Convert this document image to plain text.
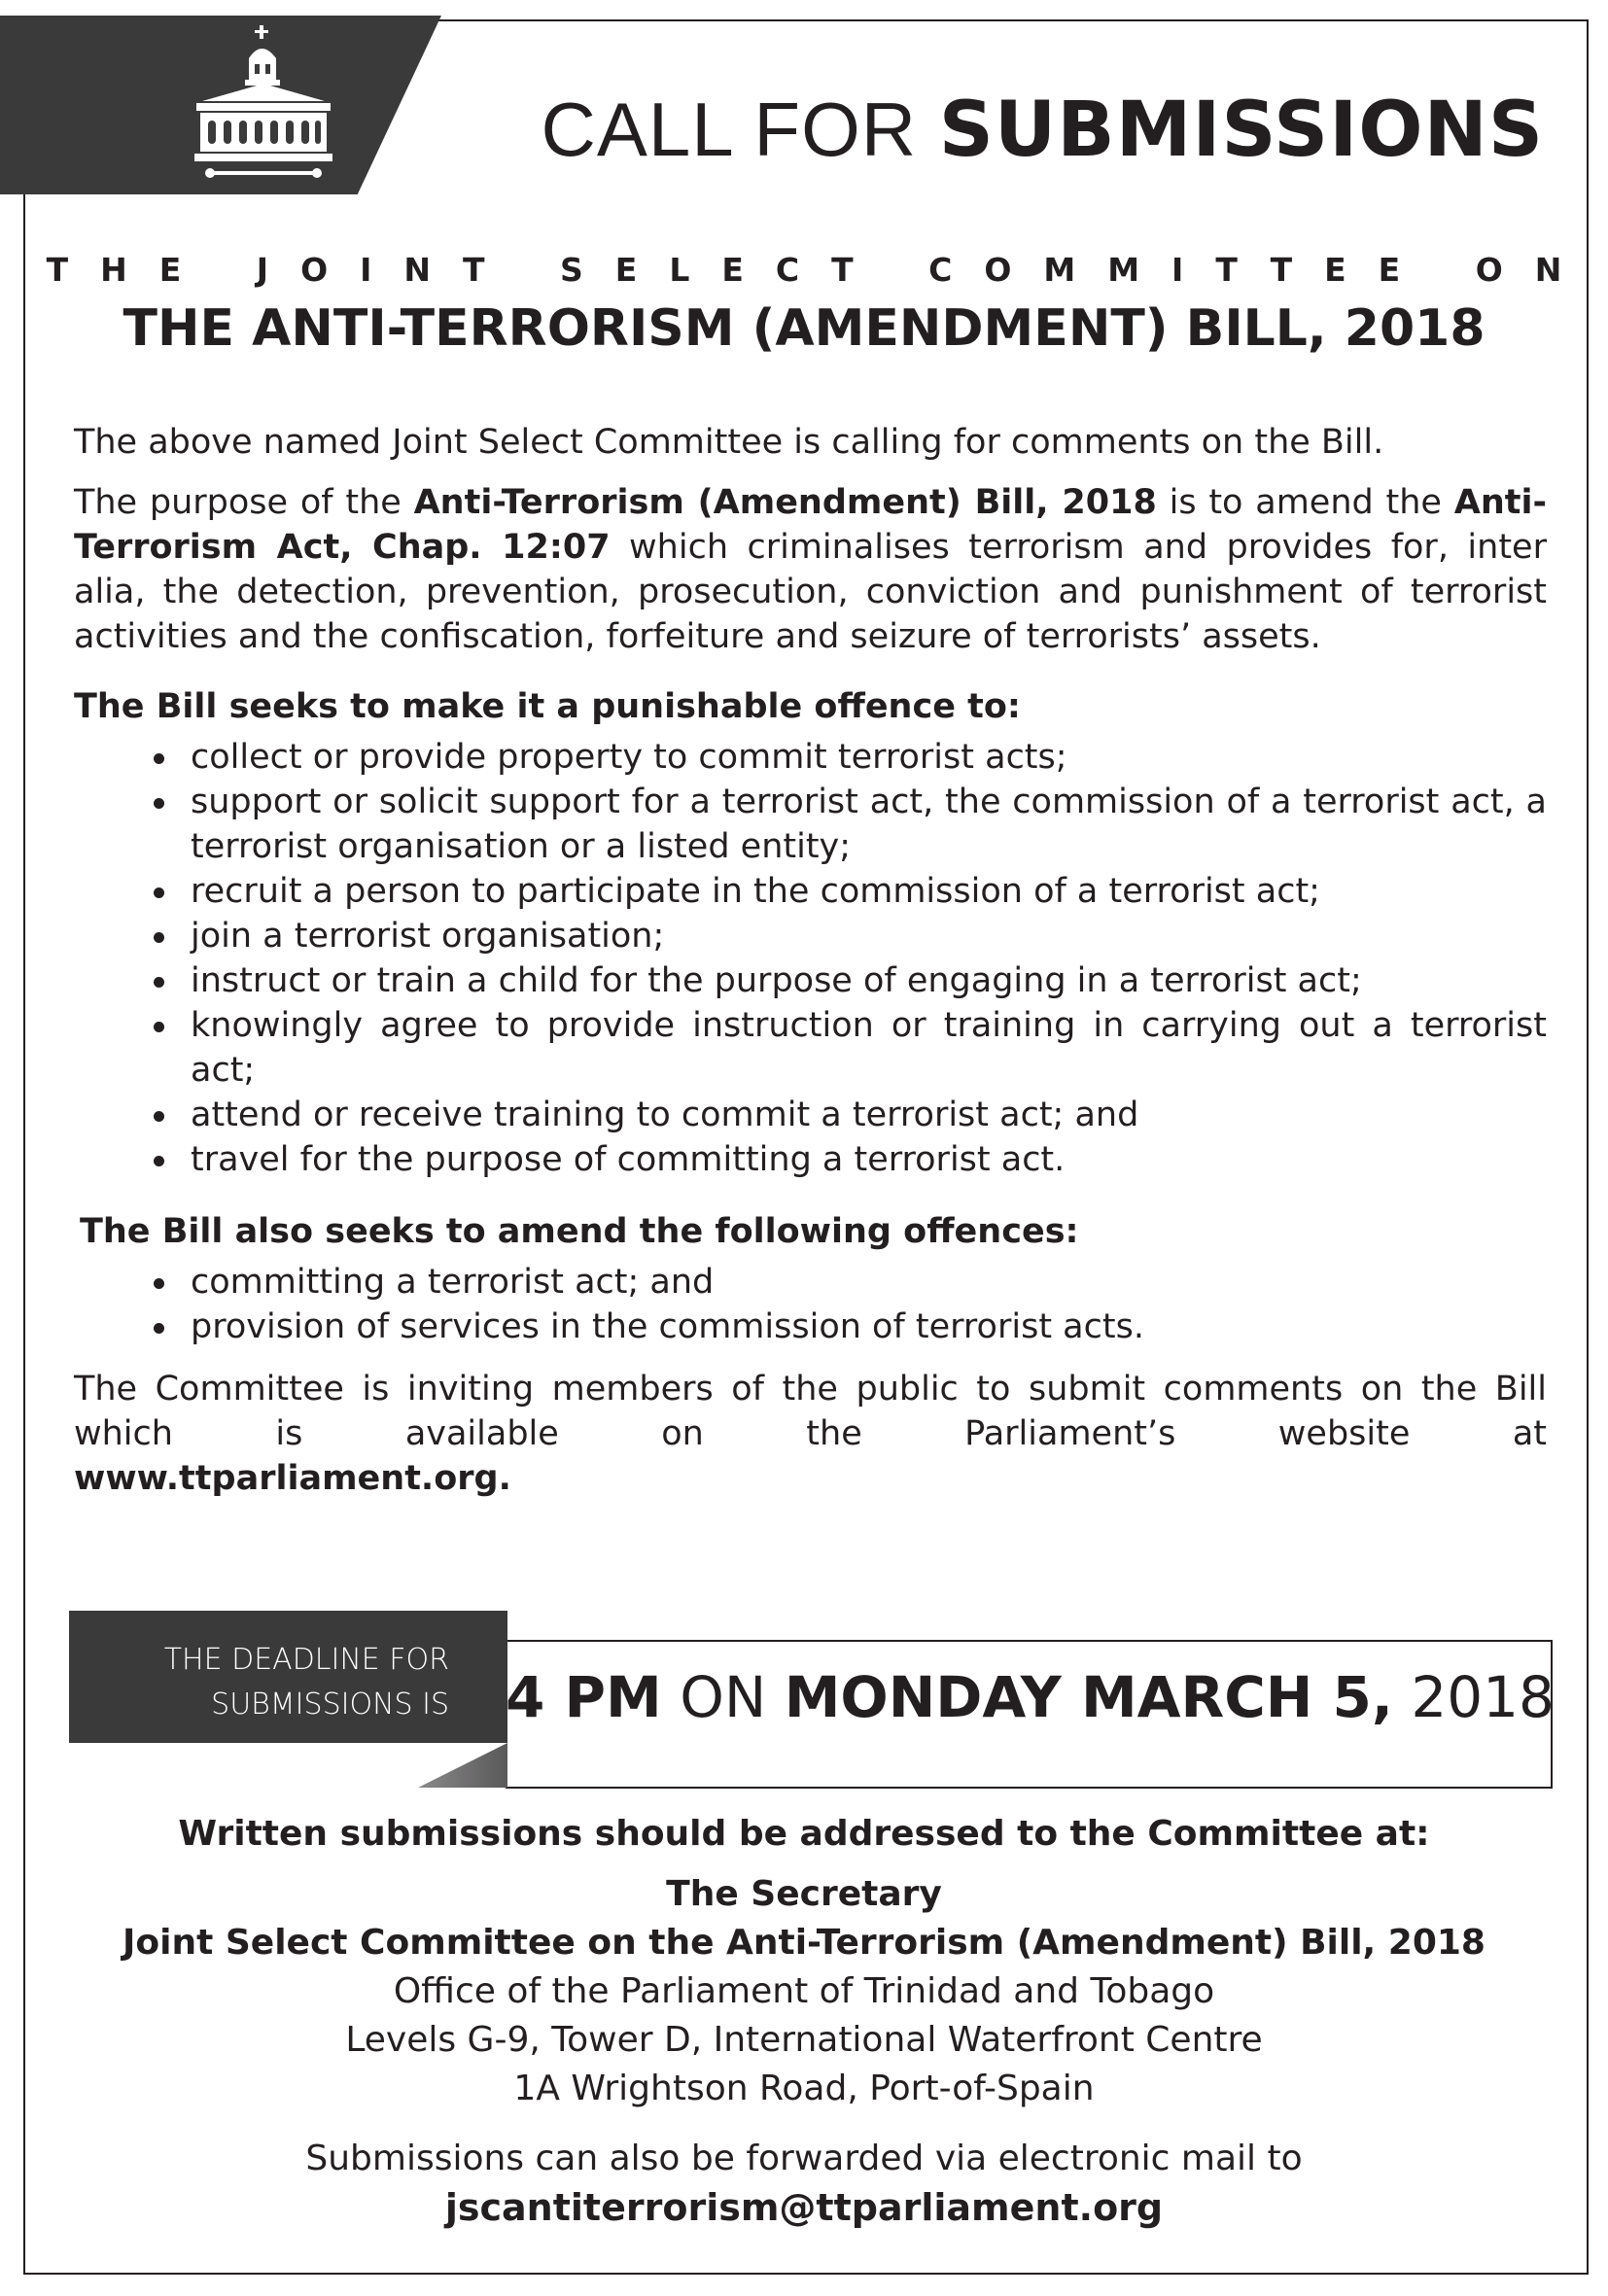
CALL FOR SUBMISSIONS
THE JOINT SELECT COMMITTEE ON
THE ANTI-TERRORISM (AMENDMENT) BILL, 2018

The above named Joint Select Committee is calling for comments on the Bill.

The purpose of the Anti-Terrorism (Amendment) Bill, 2018 is to amend the Anti-Terrorism Act, Chap. 12:07 which criminalises terrorism and provides for, inter alia, the detection, prevention, prosecution, conviction and punishment of terrorist activities and the confiscation, forfeiture and seizure of terrorists’ assets.

The Bill seeks to make it a punishable offence to:
collect or provide property to commit terrorist acts;
support or solicit support for a terrorist act, the commission of a terrorist act, a terrorist organisation or a listed entity;
recruit a person to participate in the commission of a terrorist act;
join a terrorist organisation;
instruct or train a child for the purpose of engaging in a terrorist act;
knowingly agree to provide instruction or training in carrying out a terrorist act;
attend or receive training to commit a terrorist act; and
travel for the purpose of committing a terrorist act.
The Bill also seeks to amend the following offences:
committing a terrorist act; and
provision of services in the commission of terrorist acts.

The Committee is inviting members of the public to submit comments on the Bill which is available on the Parliament’s website at

www.ttparliament.org.

THE DEADLINE FOR
SUBMISSIONS IS 4 PM ON MONDAY MARCH 5, 2018
Written submissions should be addressed to the Committee at:
The Secretary
Joint Select Committee on the Anti-Terrorism (Amendment) Bill, 2018
Office of the Parliament of Trinidad and Tobago
Levels G-9, Tower D, International Waterfront Centre
1A Wrightson Road, Port-of-Spain
Submissions can also be forwarded via electronic mail to
jscantiterrorism@ttparliament.org
